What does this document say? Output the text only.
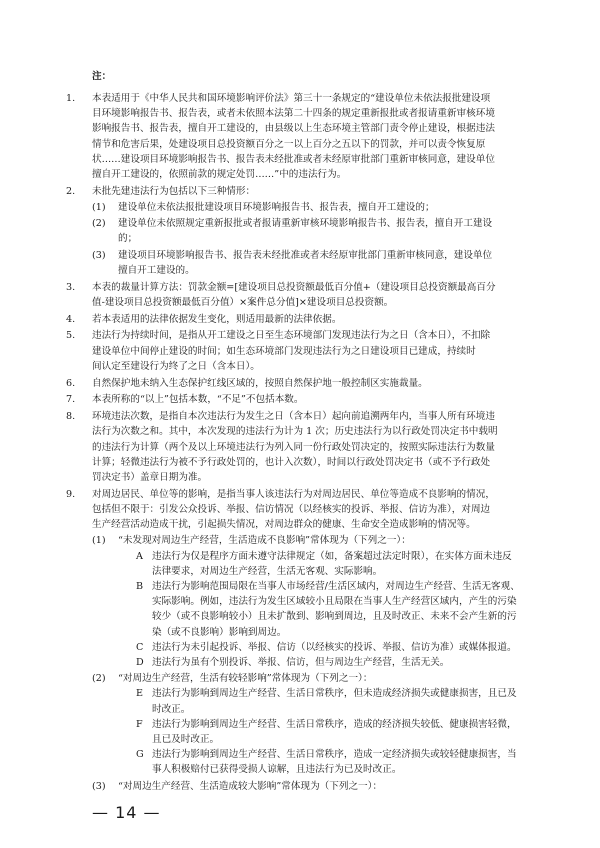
注：
1.	本表适用于《中华人民共和国环境影响评价法》第三十一条规定的“建设单位未依法报批建设项
目环境影响报告书、报告表，或者未依照本法第二十四条的规定重新报批或者报请重新审核环境
影响报告书、报告表，擅自开工建设的，由县级以上生态环境主管部门责令停止建设，根据违法
情节和危害后果，处建设项目总投资额百分之一以上百分之五以下的罚款，并可以责令恢复原
状……建设项目环境影响报告书、报告表未经批准或者未经原审批部门重新审核同意，建设单位
擅自开工建设的，依照前款的规定处罚……”中的违法行为。
2.	未批先建违法行为包括以下三种情形：
(1)	建设单位未依法报批建设项目环境影响报告书、报告表，擅自开工建设的；
(2)	建设单位未依照规定重新报批或者报请重新审核环境影响报告书、报告表，擅自开工建设
的；
(3)	建设项目环境影响报告书、报告表未经批准或者未经原审批部门重新审核同意，建设单位
擅自开工建设的。
3.	本表的裁量计算方法：罚款金额=[建设项目总投资额最低百分值+（建设项目总投资额最高百分
值-建设项目总投资额最低百分值）×案件总分值]×建设项目总投资额。
4.	若本表适用的法律依据发生变化，则适用最新的法律依据。
5.	违法行为持续时间，是指从开工建设之日至生态环境部门发现违法行为之日（含本日），不扣除
建设单位中间停止建设的时间；如生态环境部门发现违法行为之日建设项目已建成，持续时
间认定至建设行为终了之日（含本日）。
6.	自然保护地未纳入生态保护红线区域的，按照自然保护地一般控制区实施裁量。
7.	本表所称的“以上”包括本数，“不足”不包括本数。
8.	环境违法次数，是指自本次违法行为发生之日（含本日）起向前追溯两年内，当事人所有环境违
法行为次数之和。其中，本次发现的违法行为计为 1 次；历史违法行为以行政处罚决定书中载明
的违法行为计算（两个及以上环境违法行为列入同一份行政处罚决定的，按照实际违法行为数量
计算；轻微违法行为被不予行政处罚的，也计入次数），时间以行政处罚决定书（或不予行政处
罚决定书）盖章日期为准。
9.	对周边居民、单位等的影响，是指当事人该违法行为对周边居民、单位等造成不良影响的情况，
包括但不限于：引发公众投诉、举报、信访情况（以经核实的投诉、举报、信访为准），对周边
生产经营活动造成干扰，引起损失情况，对周边群众的健康、生命安全造成影响的情况等。
(1)	“未发现对周边生产经营，生活造成不良影响”常体现为（下列之一）：
A 违法行为仅是程序方面未遵守法律规定（如，备案超过法定时限），在实体方面未违反
法律要求，对周边生产经营，生活无客观、实际影响。
B 违法行为影响范围局限在当事人市场经营/生活区域内，对周边生产经营、生活无客观、
实际影响。例如，违法行为发生区域较小且局限在当事人生产经营区域内，产生的污染
较少（或不良影响较小）且未扩散到、影响到周边，且及时改正、未来不会产生新的污
染（或不良影响）影响到周边。
C 违法行为未引起投诉、举报、信访（以经核实的投诉、举报、信访为准）或媒体报道。
D 违法行为虽有个别投诉、举报、信访，但与周边生产经营，生活无关。
(2)	“对周边生产经营，生活有较轻影响”常体现为（下列之一）：
E 违法行为影响到周边生产经营、生活日常秩序，但未造成经济损失或健康损害，且已及
时改正。
F 违法行为影响到周边生产经营、生活日常秩序，造成的经济损失较低、健康损害轻微，
且已及时改正。
G 违法行为影响到周边生产经营、生活日常秩序，造成一定经济损失或较轻健康损害，当
事人积极赔付已获得受损人谅解，且违法行为已及时改正。
(3)	“对周边生产经营、生活造成较大影响”常体现为（下列之一）：
— 14 —
